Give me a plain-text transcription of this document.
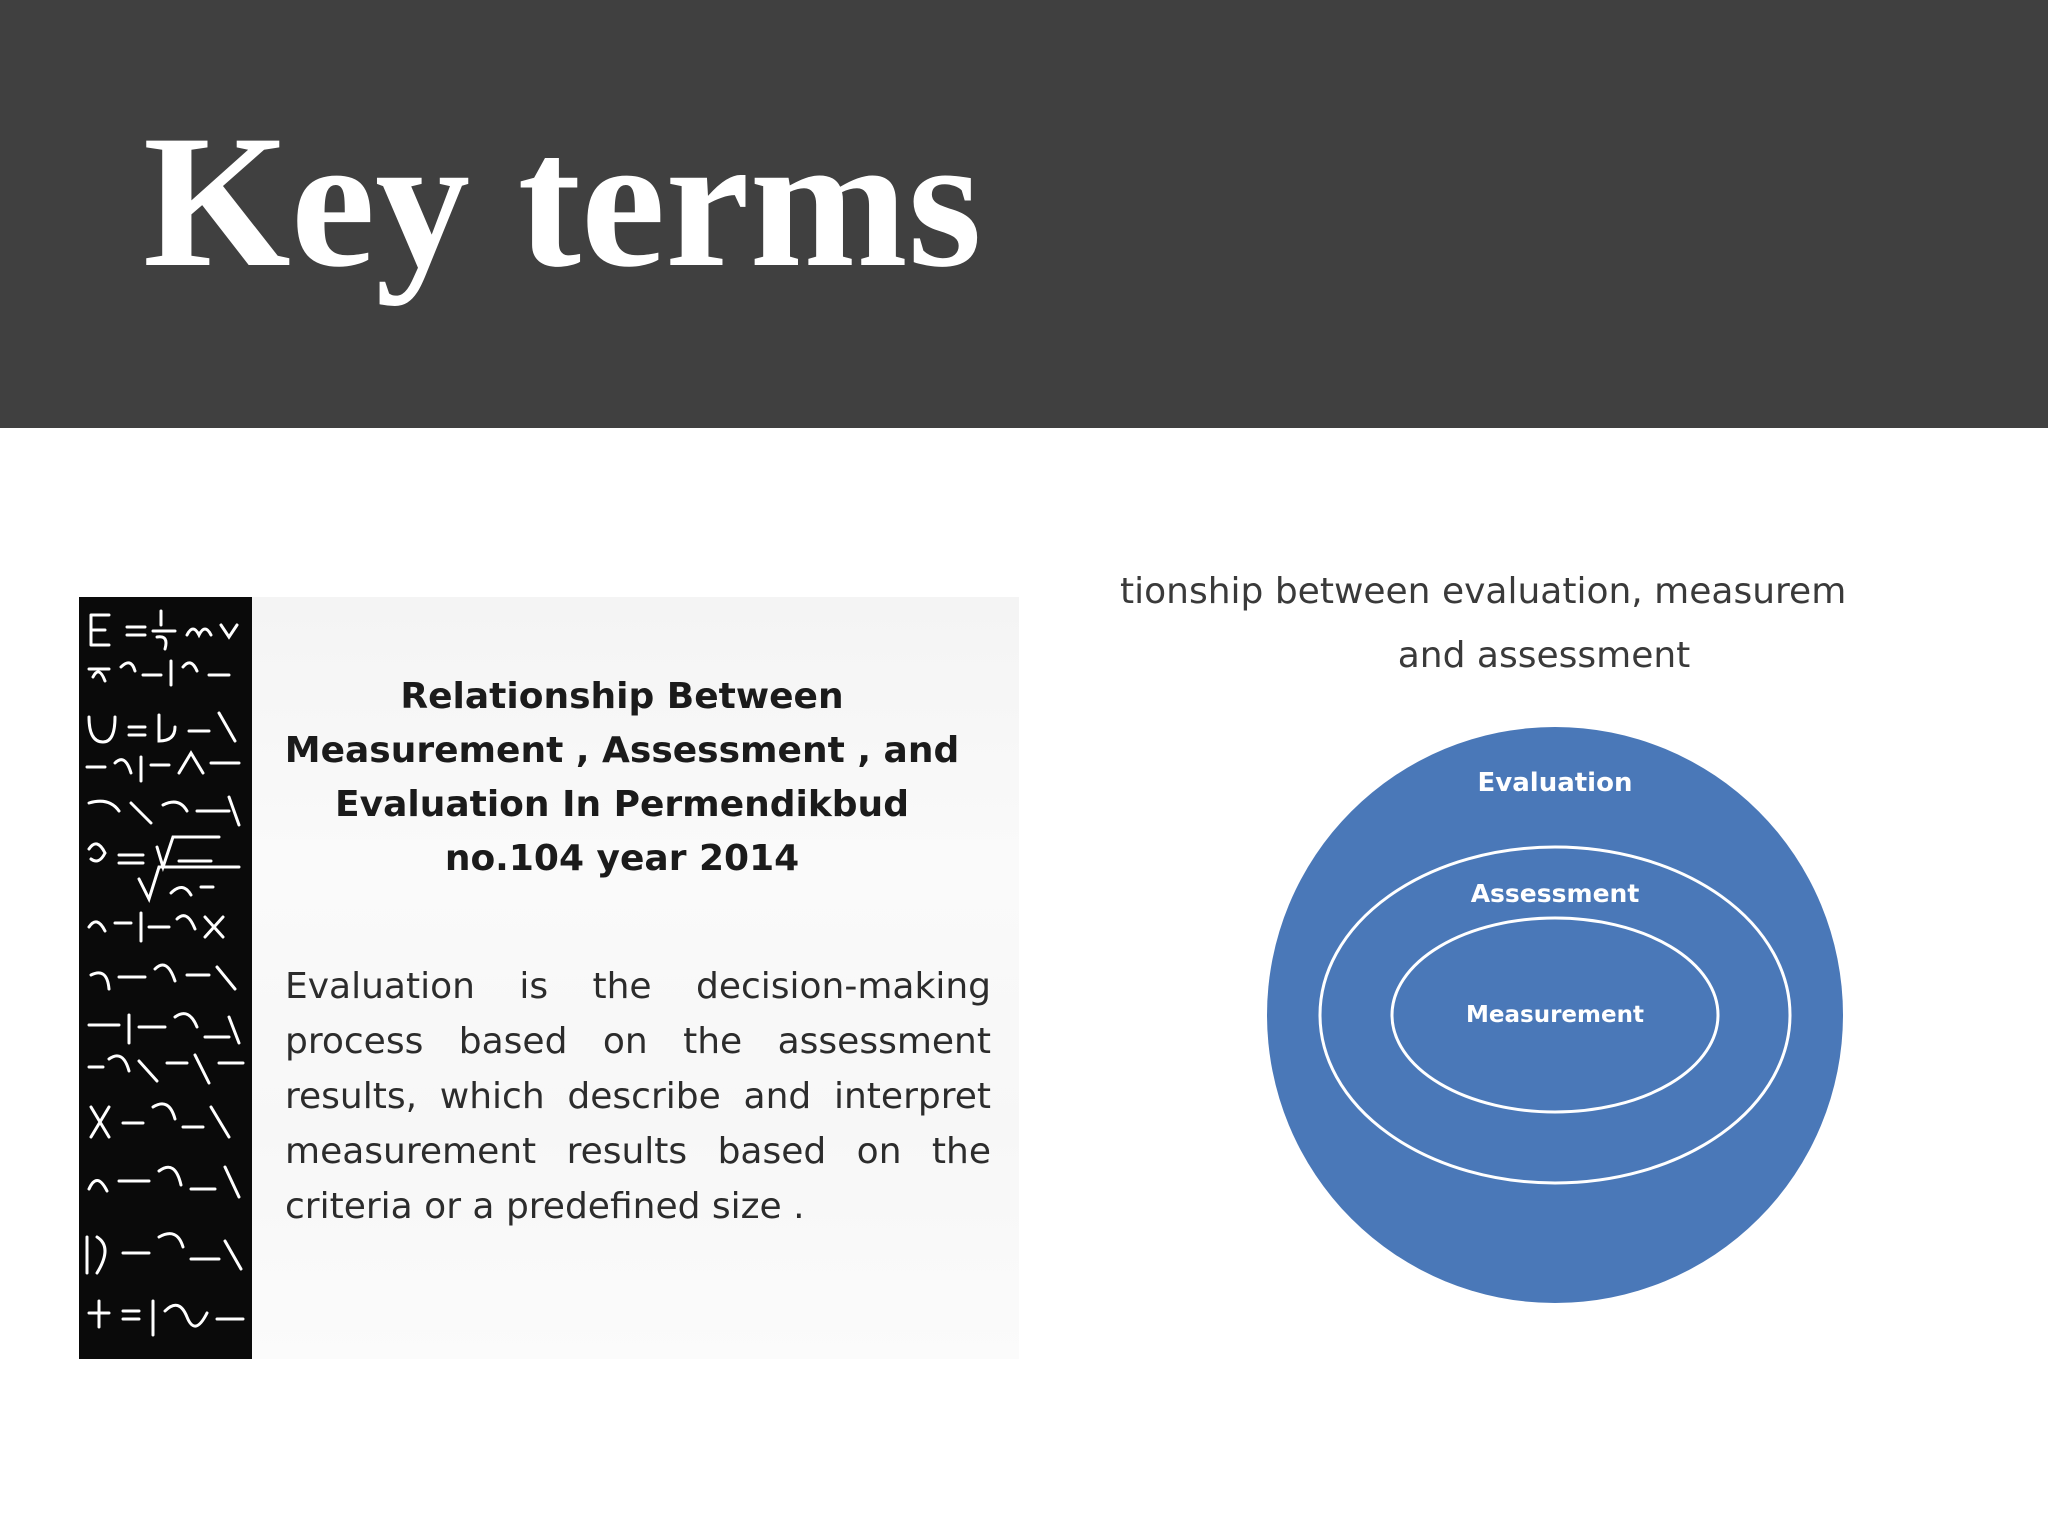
Key terms

Relationship Between Measurement , Assessment , and Evaluation In Permendikbud no.104 year 2014

Evaluation is the decision-making process based on the assessment results, which describe and interpret measurement results based on the criteria or a predefined size .

tionship between evaluation, measurem
and assessment
Evaluation
Assessment
Measurement
